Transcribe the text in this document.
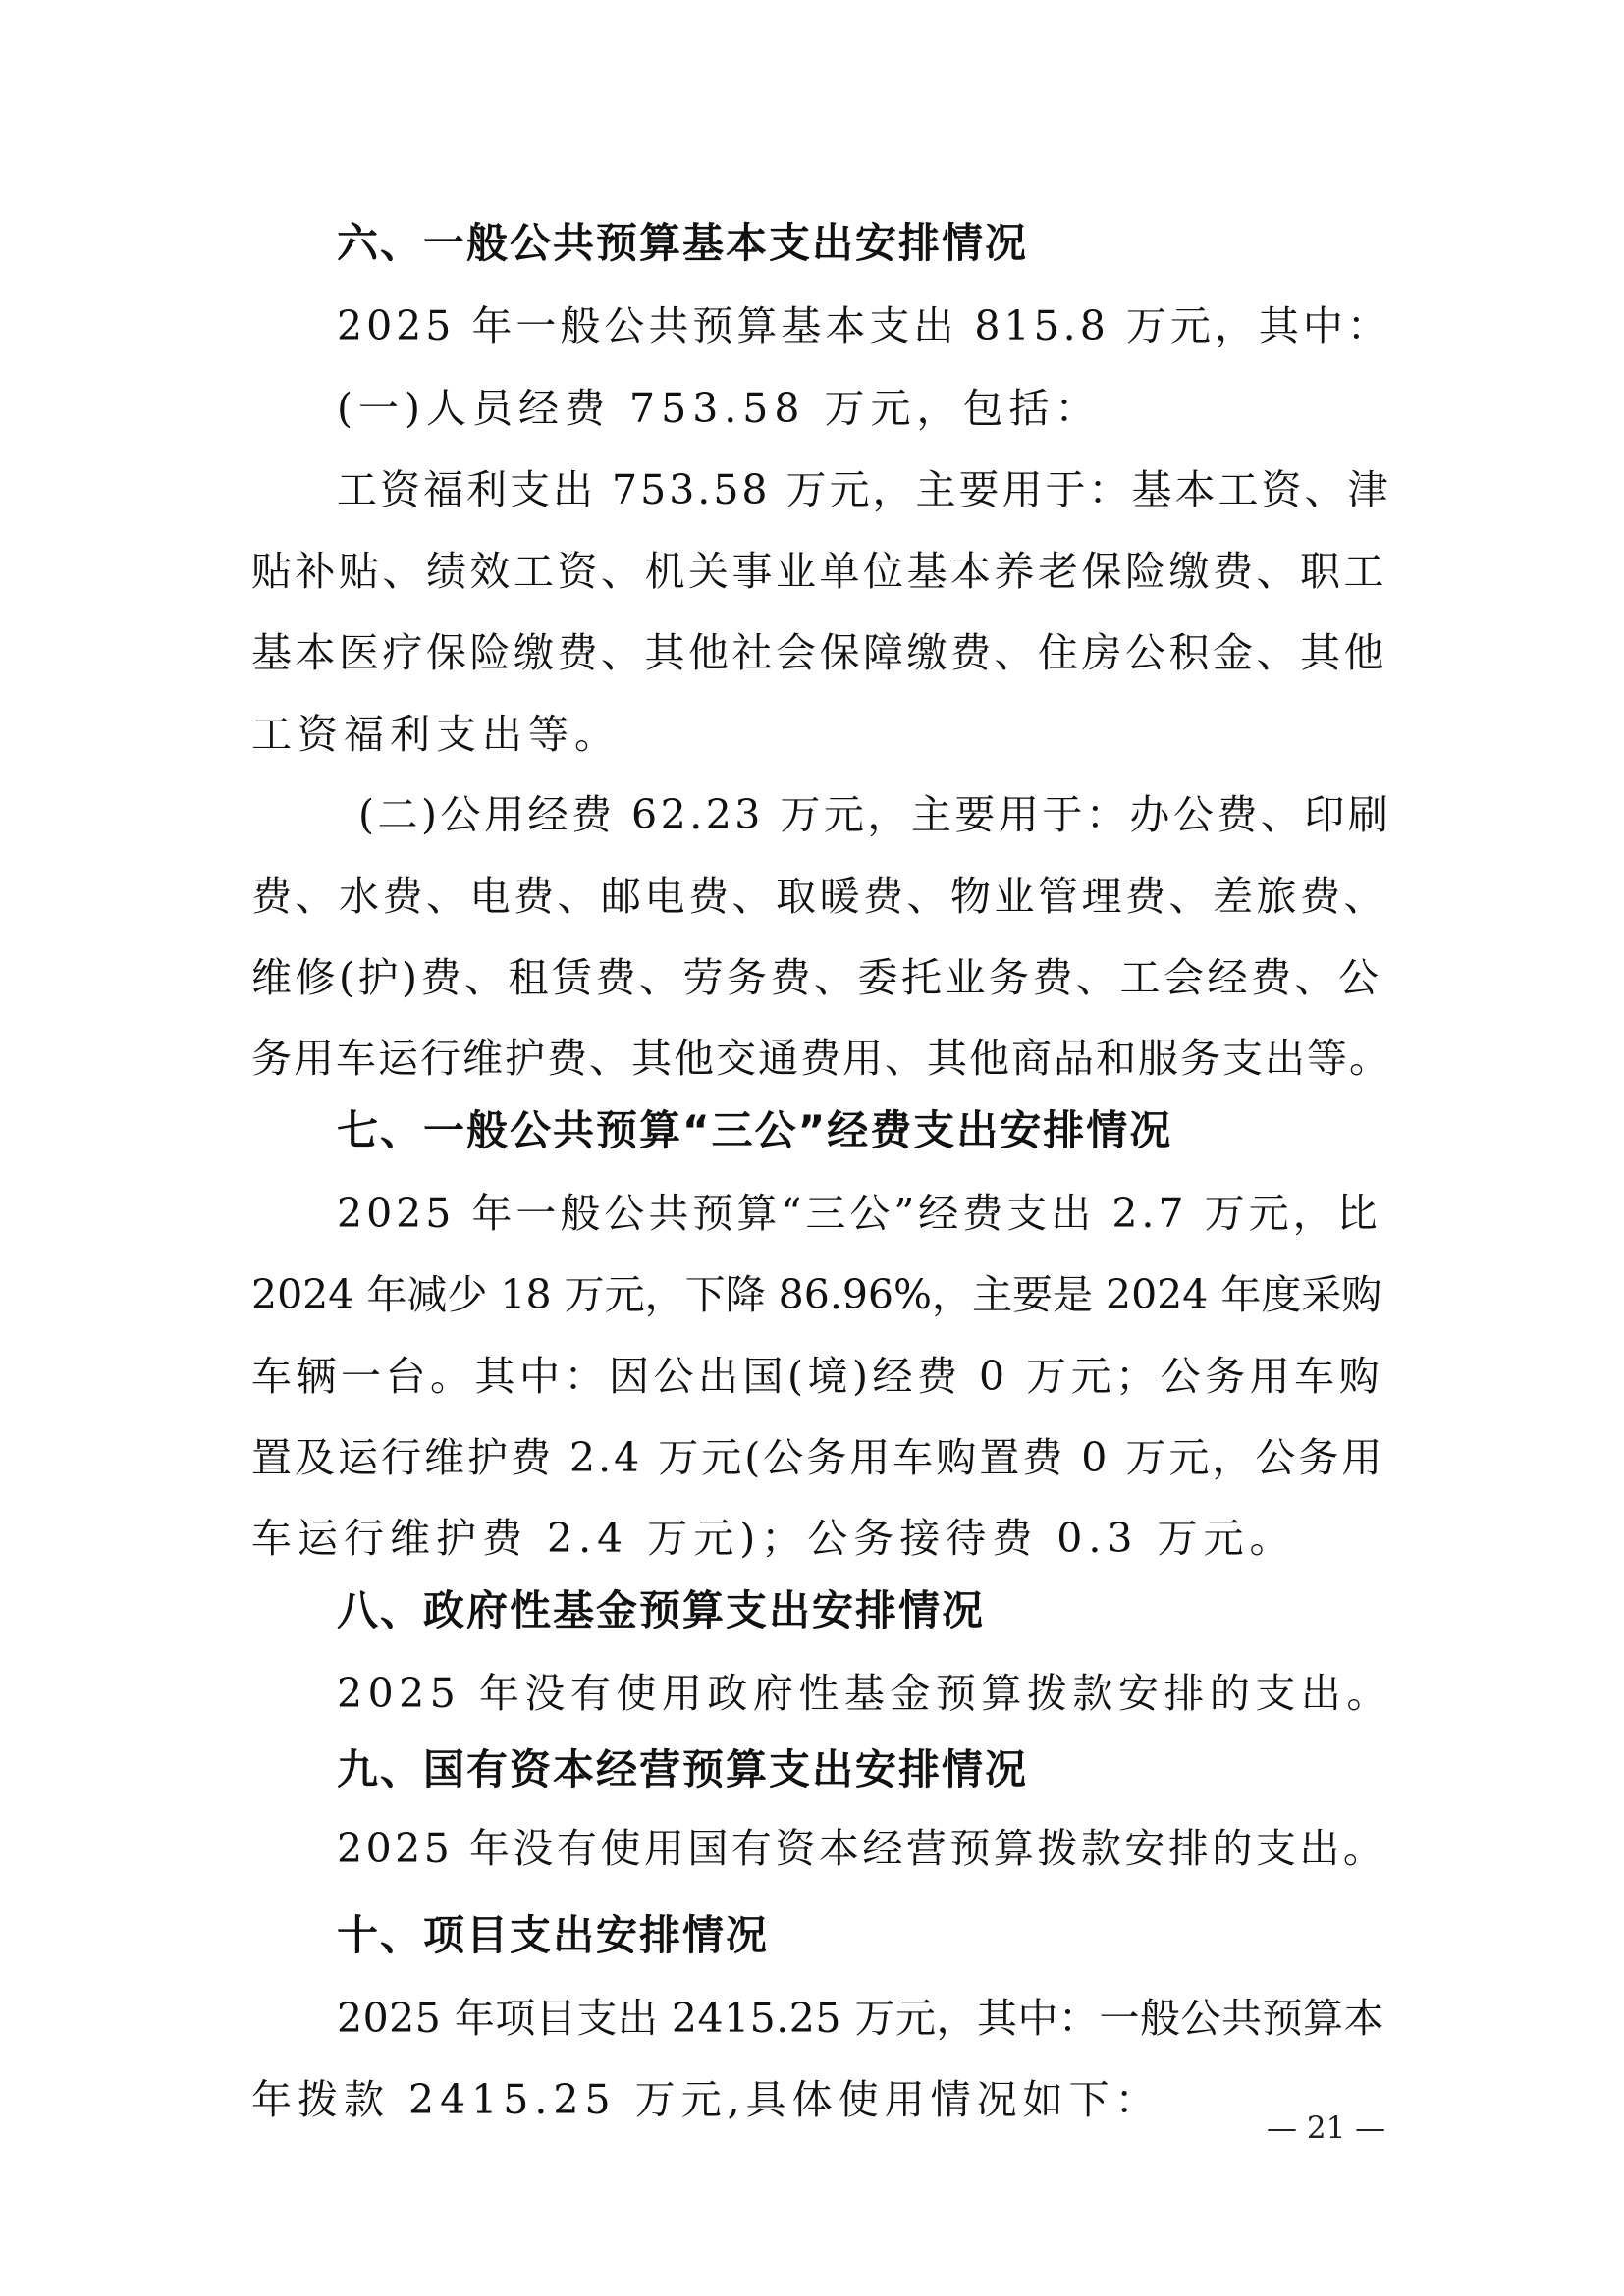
六、一般公共预算基本支出安排情况
2025 年一般公共预算基本支出 815.8 万元，其中：
(一)人员经费 753.58 万元，包括：
工资福利支出 753.58 万元，主要用于：基本工资、津
贴补贴、绩效工资、机关事业单位基本养老保险缴费、职工
基本医疗保险缴费、其他社会保障缴费、住房公积金、其他
工资福利支出等。
(二)公用经费 62.23 万元，主要用于：办公费、印刷
费、水费、电费、邮电费、取暖费、物业管理费、差旅费、
维修(护)费、租赁费、劳务费、委托业务费、工会经费、公
务用车运行维护费、其他交通费用、其他商品和服务支出等。
七、一般公共预算“三公”经费支出安排情况
2025 年一般公共预算“三公”经费支出 2.7 万元，比
2024 年减少 18 万元，下降 86.96%，主要是 2024 年度采购
车辆一台。其中：因公出国(境)经费 0 万元；公务用车购
置及运行维护费 2.4 万元(公务用车购置费 0 万元，公务用
车运行维护费 2.4 万元)；公务接待费 0.3 万元。
八、政府性基金预算支出安排情况
2025 年没有使用政府性基金预算拨款安排的支出。
九、国有资本经营预算支出安排情况
2025 年没有使用国有资本经营预算拨款安排的支出。
十、项目支出安排情况
2025 年项目支出 2415.25 万元，其中：一般公共预算本
年拨款 2415.25 万元,具体使用情况如下：
— 21 —
